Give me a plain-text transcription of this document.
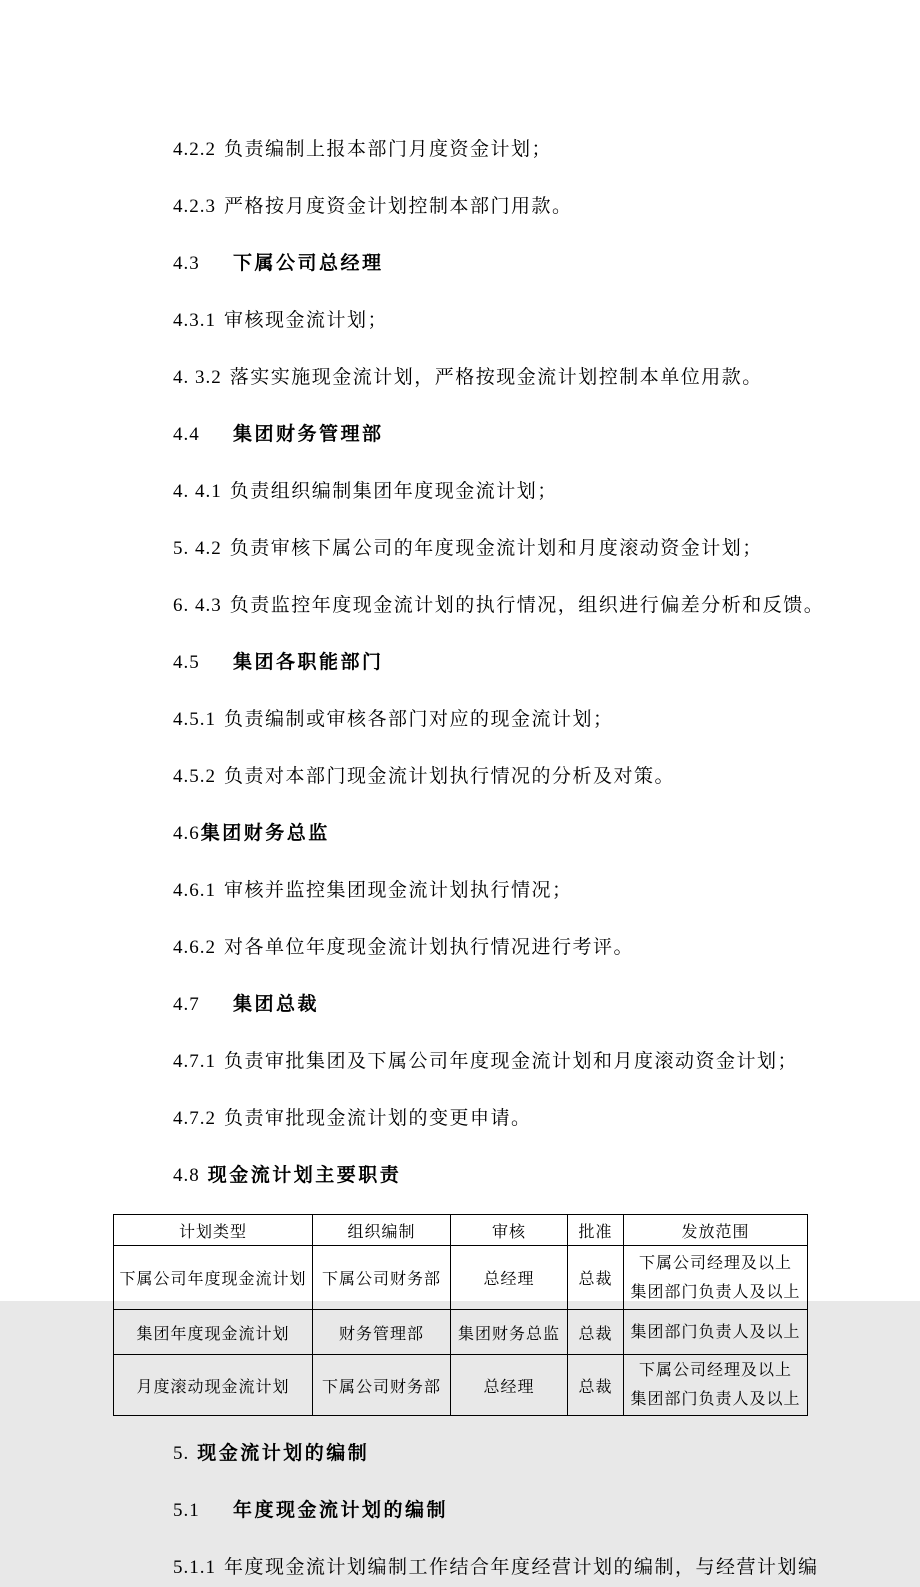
4.2.2 负责编制上报本部门月度资金计划；

4.2.3 严格按月度资金计划控制本部门用款。

4.3 下属公司总经理

4.3.1 审核现金流计划；

4. 3.2 落实实施现金流计划，严格按现金流计划控制本单位用款。

4.4 集团财务管理部

4. 4.1 负责组织编制集团年度现金流计划；

5. 4.2 负责审核下属公司的年度现金流计划和月度滚动资金计划；

6. 4.3 负责监控年度现金流计划的执行情况，组织进行偏差分析和反馈。

4.5 集团各职能部门

4.5.1 负责编制或审核各部门对应的现金流计划；

4.5.2 负责对本部门现金流计划执行情况的分析及对策。

4.6集团财务总监

4.6.1 审核并监控集团现金流计划执行情况；

4.6.2 对各单位年度现金流计划执行情况进行考评。

4.7 集团总裁

4.7.1 负责审批集团及下属公司年度现金流计划和月度滚动资金计划；

4.7.2 负责审批现金流计划的变更申请。

4.8 现金流计划主要职责

计划类型	组织编制	审核	批准	发放范围
下属公司年度现金流计划	下属公司财务部	总经理	总裁	下属公司经理及以上
集团部门负责人及以上

集团年度现金流计划	财务管理部	集团财务总监	总裁	集团部门负责人及以上

月度滚动现金流计划	下属公司财务部	总经理	总裁	下属公司经理及以上
集团部门负责人及以上

5. 现金流计划的编制

5.1 年度现金流计划的编制

5.1.1 年度现金流计划编制工作结合年度经营计划的编制，与经营计划编
